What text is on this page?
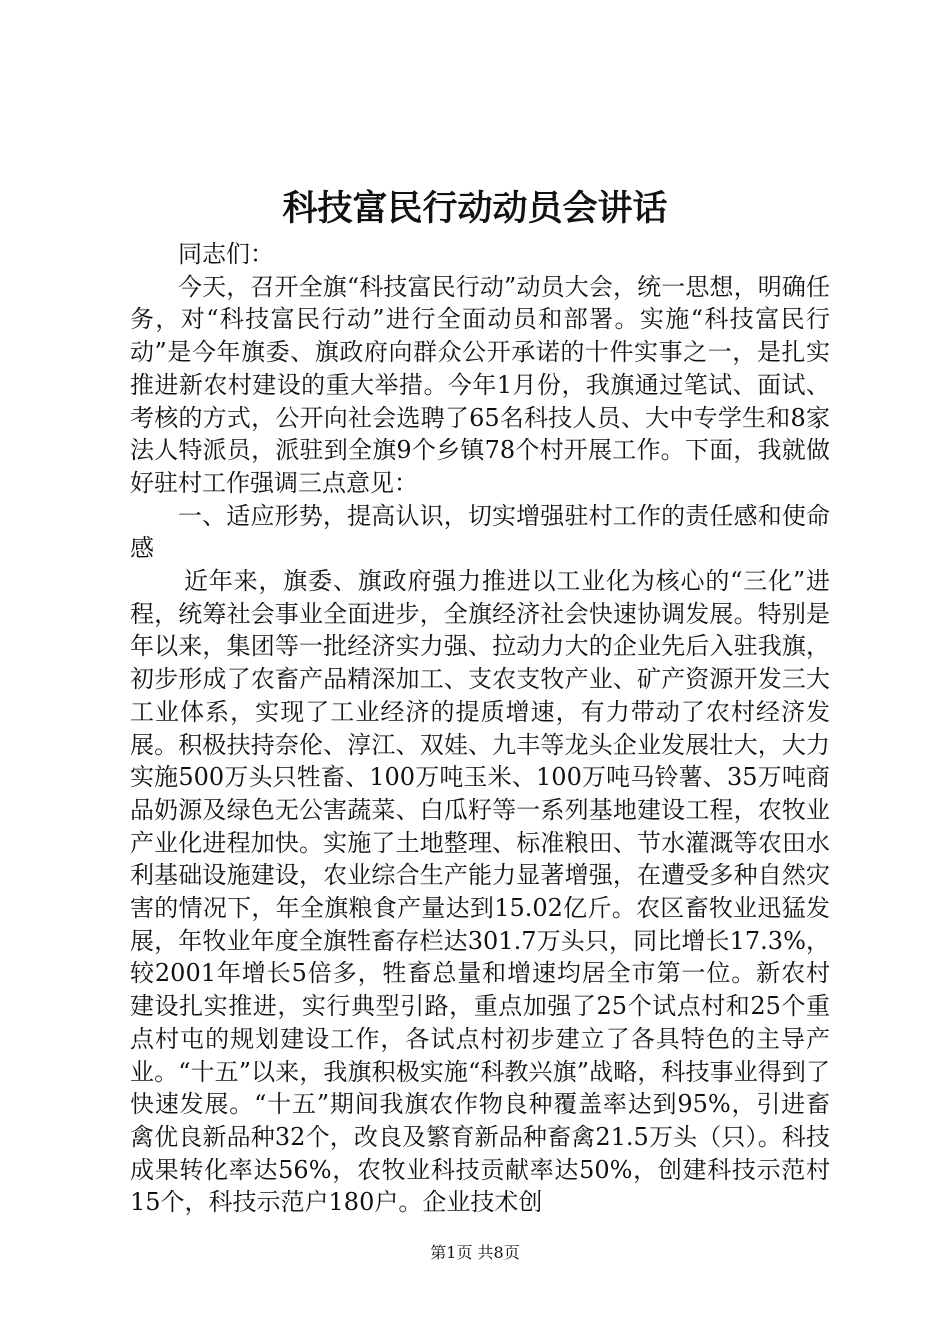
科技富民行动动员会讲话

同志们：

今天，召开全旗“科技富民行动”动员大会，统一思想，明确任务，对“科技富民行动”进行全面动员和部署。实施“科技富民行动”是今年旗委、旗政府向群众公开承诺的十件实事之一，是扎实推进新农村建设的重大举措。今年1月份，我旗通过笔试、面试、考核的方式，公开向社会选聘了65名科技人员、大中专学生和8家法人特派员，派驻到全旗9个乡镇78个村开展工作。下面，我就做好驻村工作强调三点意见：

一、适应形势，提高认识，切实增强驻村工作的责任感和使命感

近年来，旗委、旗政府强力推进以工业化为核心的“三化”进程，统筹社会事业全面进步，全旗经济社会快速协调发展。特别是年以来，集团等一批经济实力强、拉动力大的企业先后入驻我旗，初步形成了农畜产品精深加工、支农支牧产业、矿产资源开发三大工业体系，实现了工业经济的提质增速，有力带动了农村经济发展。积极扶持奈伦、淳江、双娃、九丰等龙头企业发展壮大，大力实施500万头只牲畜、100万吨玉米、100万吨马铃薯、35万吨商品奶源及绿色无公害蔬菜、白瓜籽等一系列基地建设工程，农牧业产业化进程加快。实施了土地整理、标准粮田、节水灌溉等农田水利基础设施建设，农业综合生产能力显著增强，在遭受多种自然灾害的情况下，年全旗粮食产量达到15.02亿斤。农区畜牧业迅猛发展，年牧业年度全旗牲畜存栏达301.7万头只，同比增长17.3%，较2001年增长5倍多，牲畜总量和增速均居全市第一位。新农村建设扎实推进，实行典型引路，重点加强了25个试点村和25个重点村屯的规划建设工作，各试点村初步建立了各具特色的主导产业。“十五”以来，我旗积极实施“科教兴旗”战略，科技事业得到了快速发展。“十五”期间我旗农作物良种覆盖率达到95%，引进畜禽优良新品种32个，改良及繁育新品种畜禽21.5万头（只）。科技成果转化率达56%，农牧业科技贡献率达50%，创建科技示范村15个，科技示范户180户。企业技术创

第1页 共8页
